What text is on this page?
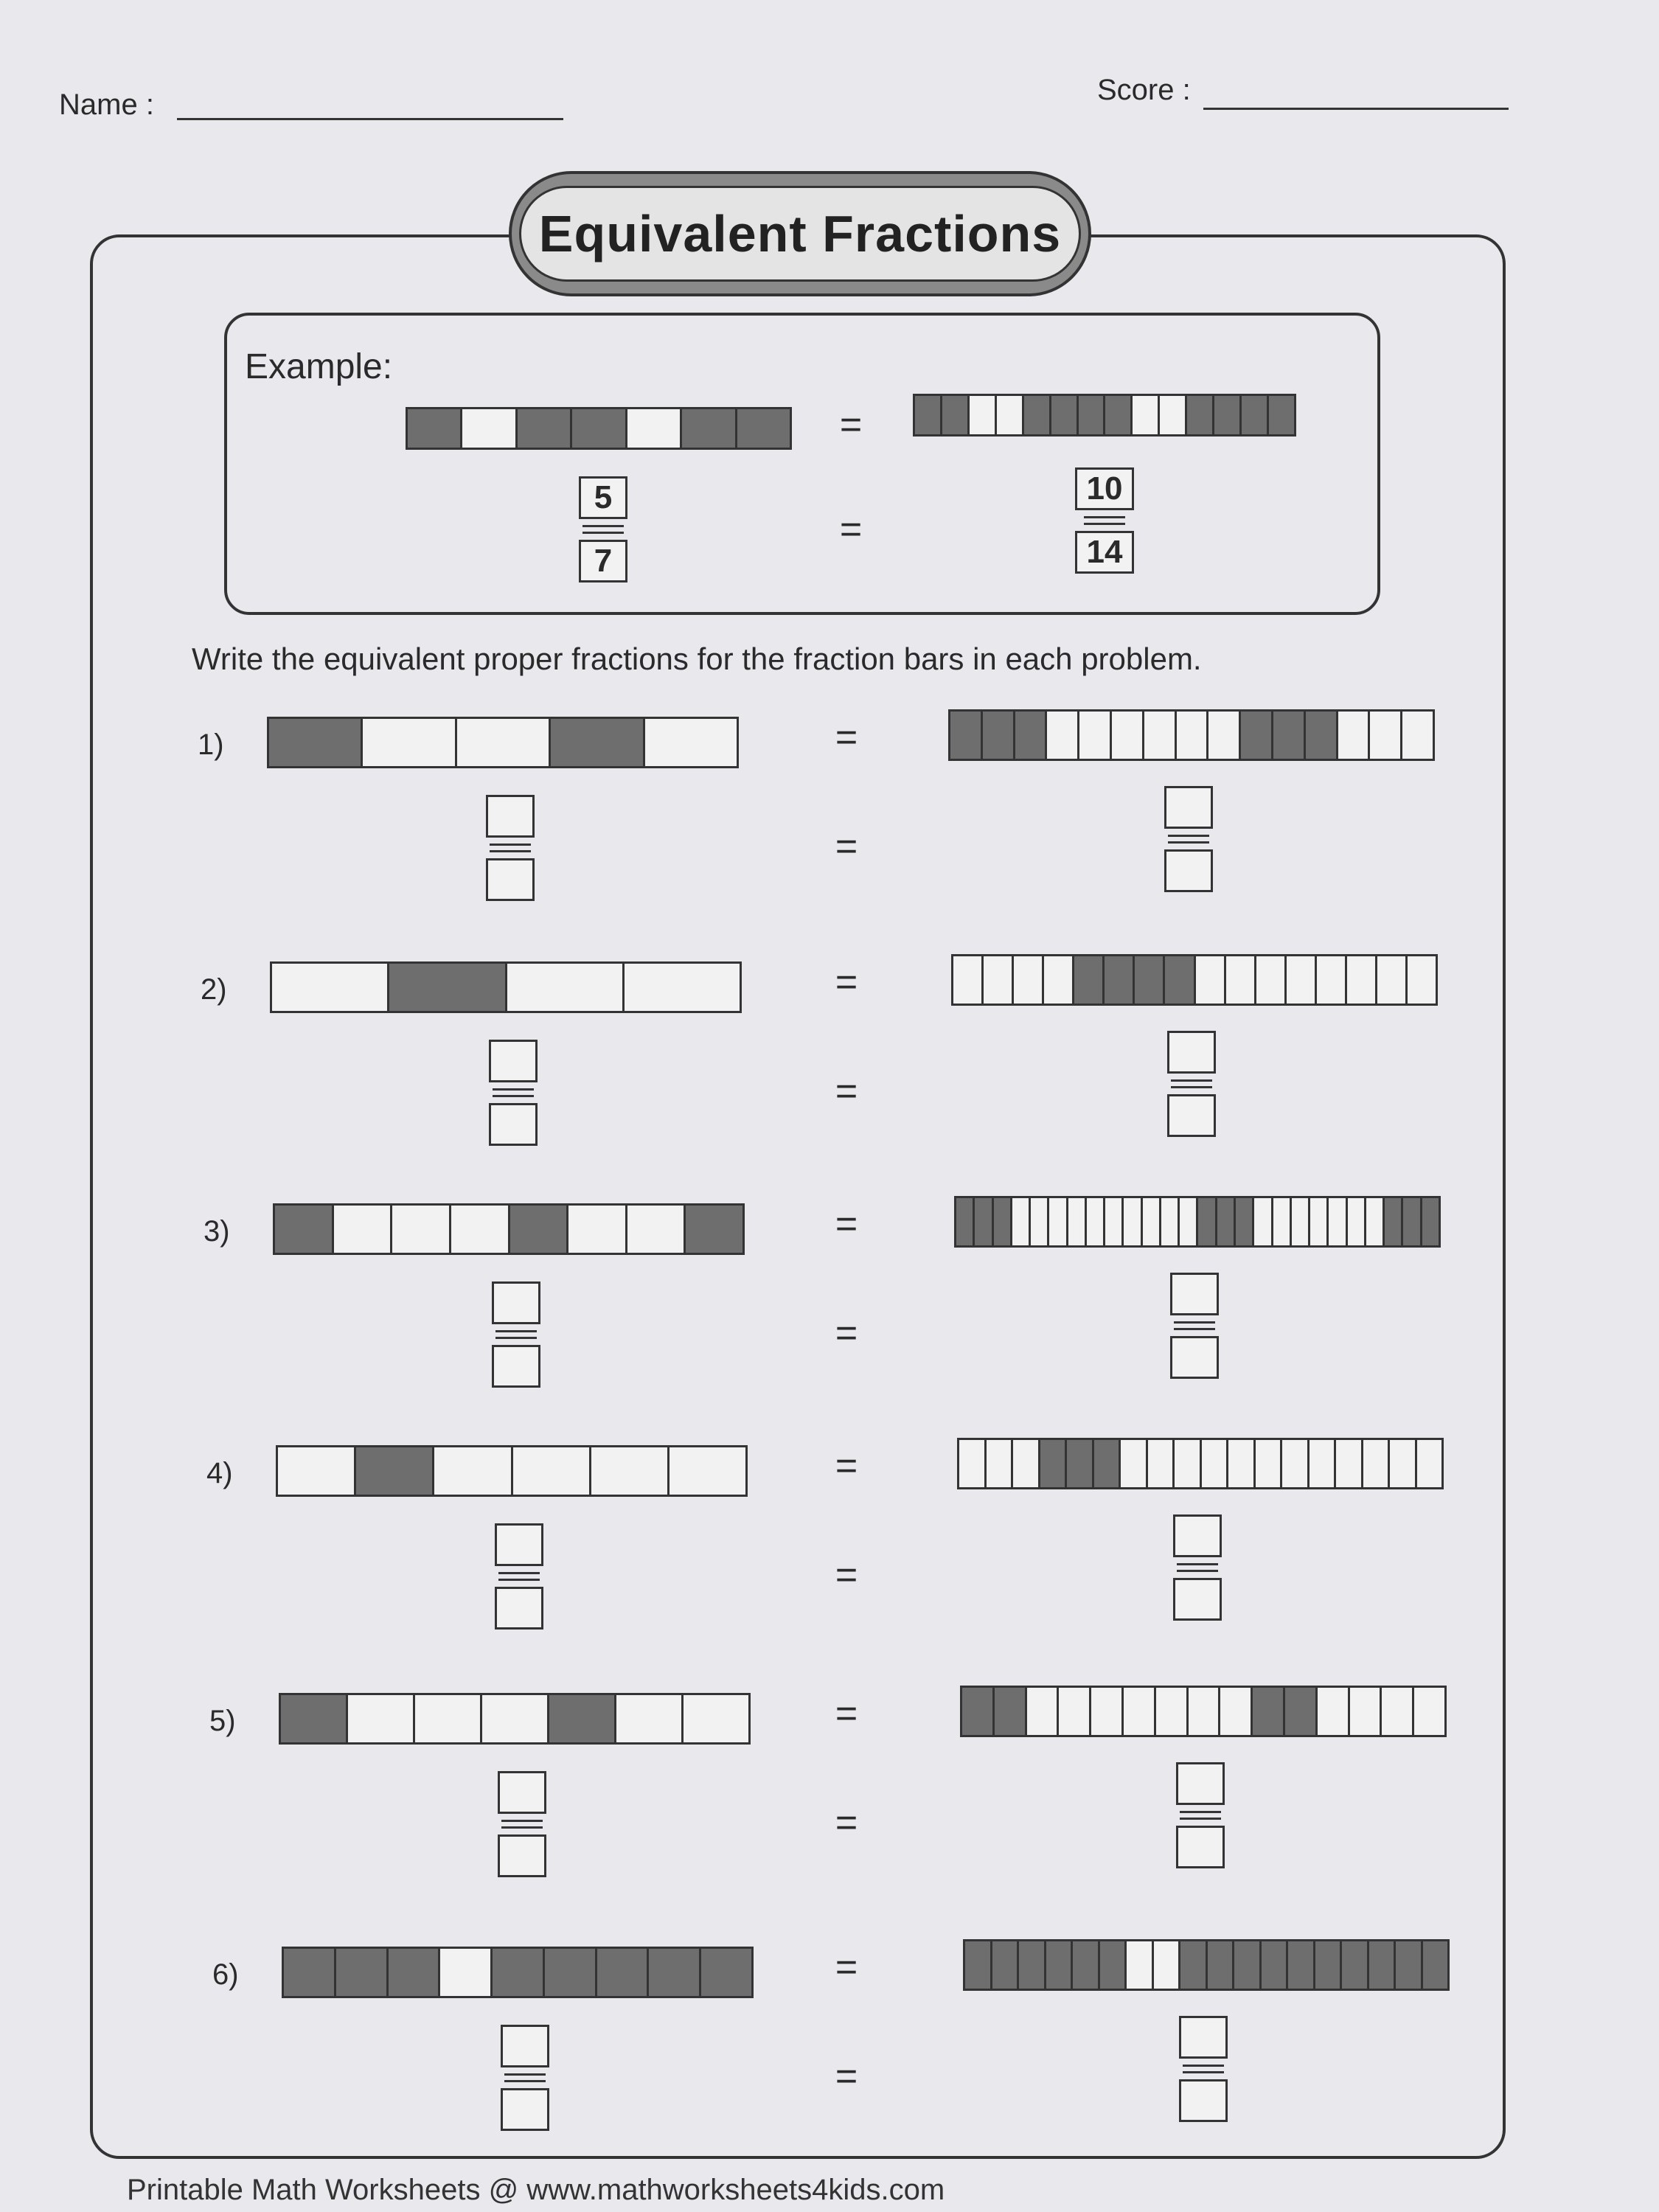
Name :	Score :
Equivalent Fractions
Example:
=
$\frac{5}{7}$	=	$\frac{10}{14}$
Write the equivalent proper fractions for the fraction bars in each problem.
1)	=
=
2)	=
=
3)	=
=
4)	=
=
5)	=
=
6)	=
=
Printable Math Worksheets @ www.mathworksheets4kids.com
